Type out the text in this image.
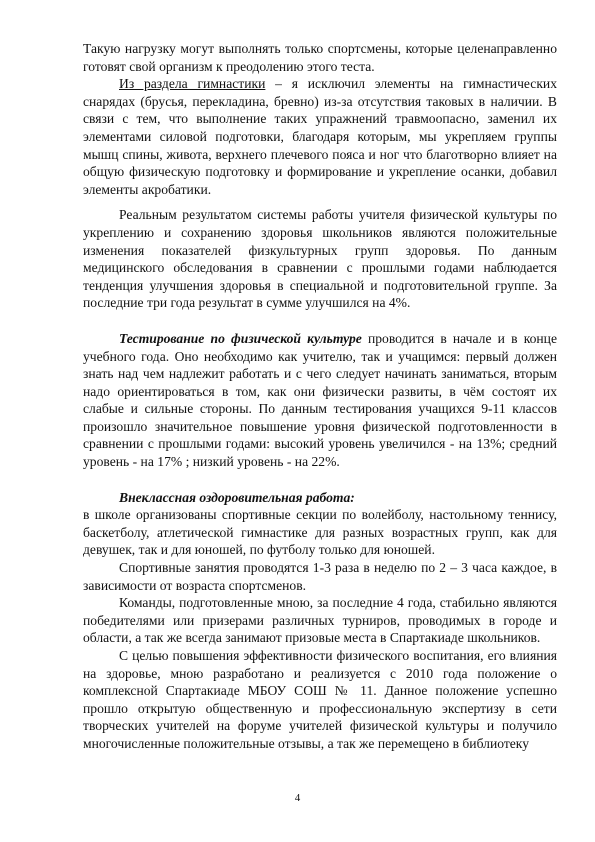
Такую нагрузку могут выполнять только спортсмены, которые целенаправленно готовят свой организм к преодолению этого теста.

Из раздела гимнастики – я исключил элементы на гимнастических снарядах (брусья, перекладина, бревно) из-за отсутствия таковых в наличии. В связи с тем, что выполнение таких упражнений травмоопасно, заменил их элементами силовой подготовки, благодаря которым, мы укрепляем группы мышц спины, живота, верхнего плечевого пояса и ног что благотворно влияет на общую физическую подготовку и формирование и укрепление осанки, добавил элементы акробатики.

Реальным результатом системы работы учителя физической культуры по укреплению и сохранению здоровья школьников являются положительные изменения показателей физкультурных групп здоровья. По данным медицинского обследования в сравнении с прошлыми годами наблюдается тенденция улучшения здоровья в специальной и подготовительной группе. За последние три года результат в сумме улучшился на 4%.

Тестирование по физической культуре проводится в начале и в конце учебного года. Оно необходимо как учителю, так и учащимся: первый должен знать над чем надлежит работать и с чего следует начинать заниматься, вторым надо ориентироваться в том, как они физически развиты, в чём состоят их слабые и сильные стороны. По данным тестирования учащихся 9-11 классов произошло значительное повышение уровня физической подготовленности в сравнении с прошлыми годами: высокий уровень увеличился - на 13%; средний уровень - на 17% ; низкий уровень - на 22%.

Внеклассная оздоровительная работа:

в школе организованы спортивные секции по волейболу, настольному теннису, баскетболу, атлетической гимнастике для разных возрастных групп, как для девушек, так и для юношей, по футболу только для юношей.

Спортивные занятия проводятся 1-3 раза в неделю по 2 – 3 часа каждое, в зависимости от возраста спортсменов.

Команды, подготовленные мною, за последние 4 года, стабильно являются победителями или призерами различных турниров, проводимых в городе и области, а так же всегда занимают призовые места в Спартакиаде школьников.

С целью повышения эффективности физического воспитания, его влияния на здоровье, мною разработано и реализуется с 2010 года положение о комплексной Спартакиаде МБОУ СОШ № 11. Данное положение успешно прошло открытую общественную и профессиональную экспертизу в сети творческих учителей на форуме учителей физической культуры и получило многочисленные положительные отзывы, а так же перемещено в библиотеку

4
